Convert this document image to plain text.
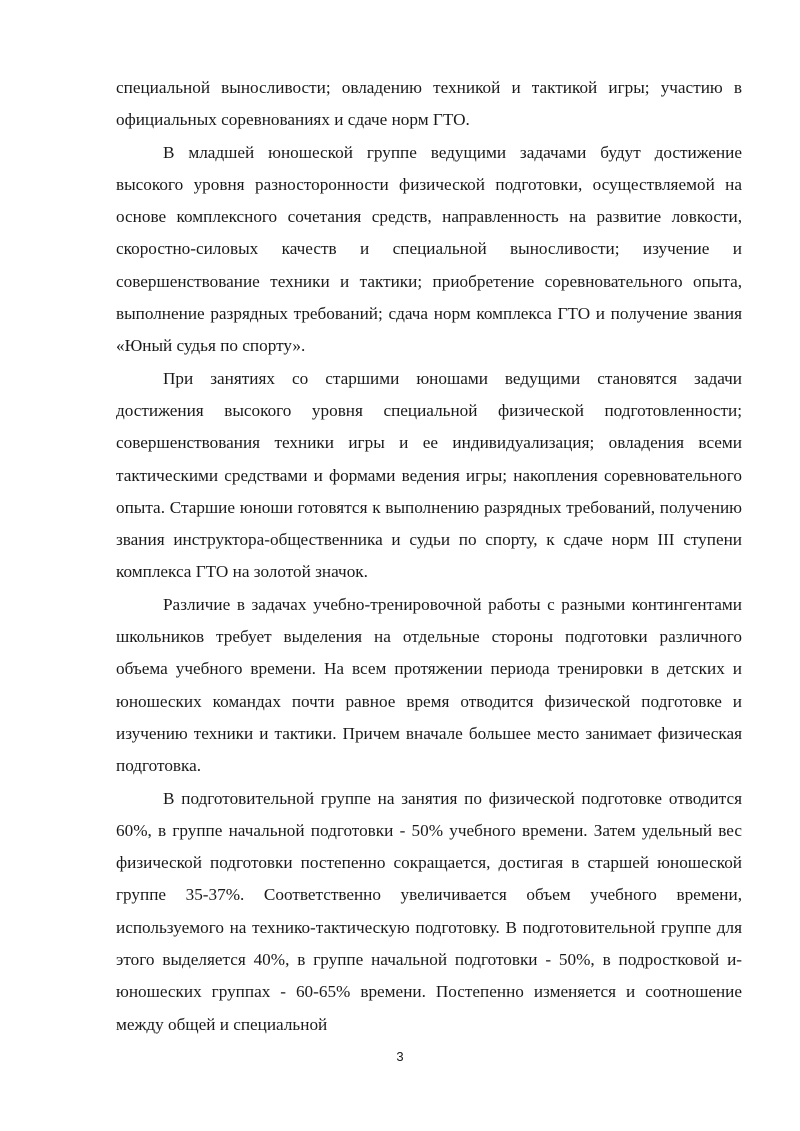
специальной выносливости; овладению техникой и тактикой игры; участию в официальных соревнованиях и сдаче норм ГТО.

В младшей юношеской группе ведущими задачами будут достижение высокого уровня разносторонности физической подготовки, осуществляемой на основе комплексного сочетания средств, направленность на развитие ловкости, скоростно-силовых качеств и специальной выносливости; изучение и совершенствование техники и тактики; приобретение соревновательного опыта, выполнение разрядных требований; сдача норм комплекса ГТО и получение звания «Юный судья по спорту».

При занятиях со старшими юношами ведущими становятся задачи достижения высокого уровня специальной физической подготовленности; совершенствования техники игры и ее индивидуализация; овладения всеми тактическими средствами и формами ведения игры; накопления соревновательного опыта. Старшие юноши готовятся к выполнению разрядных требований, получению звания инструктора-общественника и судьи по спорту, к сдаче норм III ступени комплекса ГТО на золотой значок.

Различие в задачах учебно-тренировочной работы с разными контингентами школьников требует выделения на отдельные стороны подготовки различного объема учебного времени. На всем протяжении периода тренировки в детских и юношеских командах почти равное время отводится физической подготовке и изучению техники и тактики. Причем вначале большее место занимает физическая подготовка.

В подготовительной группе на занятия по физической подготовке отводится 60%, в группе начальной подготовки - 50% учебного времени. Затем удельный вес физической подготовки постепенно сокращается, достигая в старшей юношеской группе 35-37%. Соответственно увеличивается объем учебного времени, используемого на технико-тактическую подготовку. В подготовительной группе для этого выделяется 40%, в группе начальной подготовки - 50%, в подростковой и-юношеских группах - 60-65% времени. Постепенно изменяется и соотношение между общей и специальной

3
